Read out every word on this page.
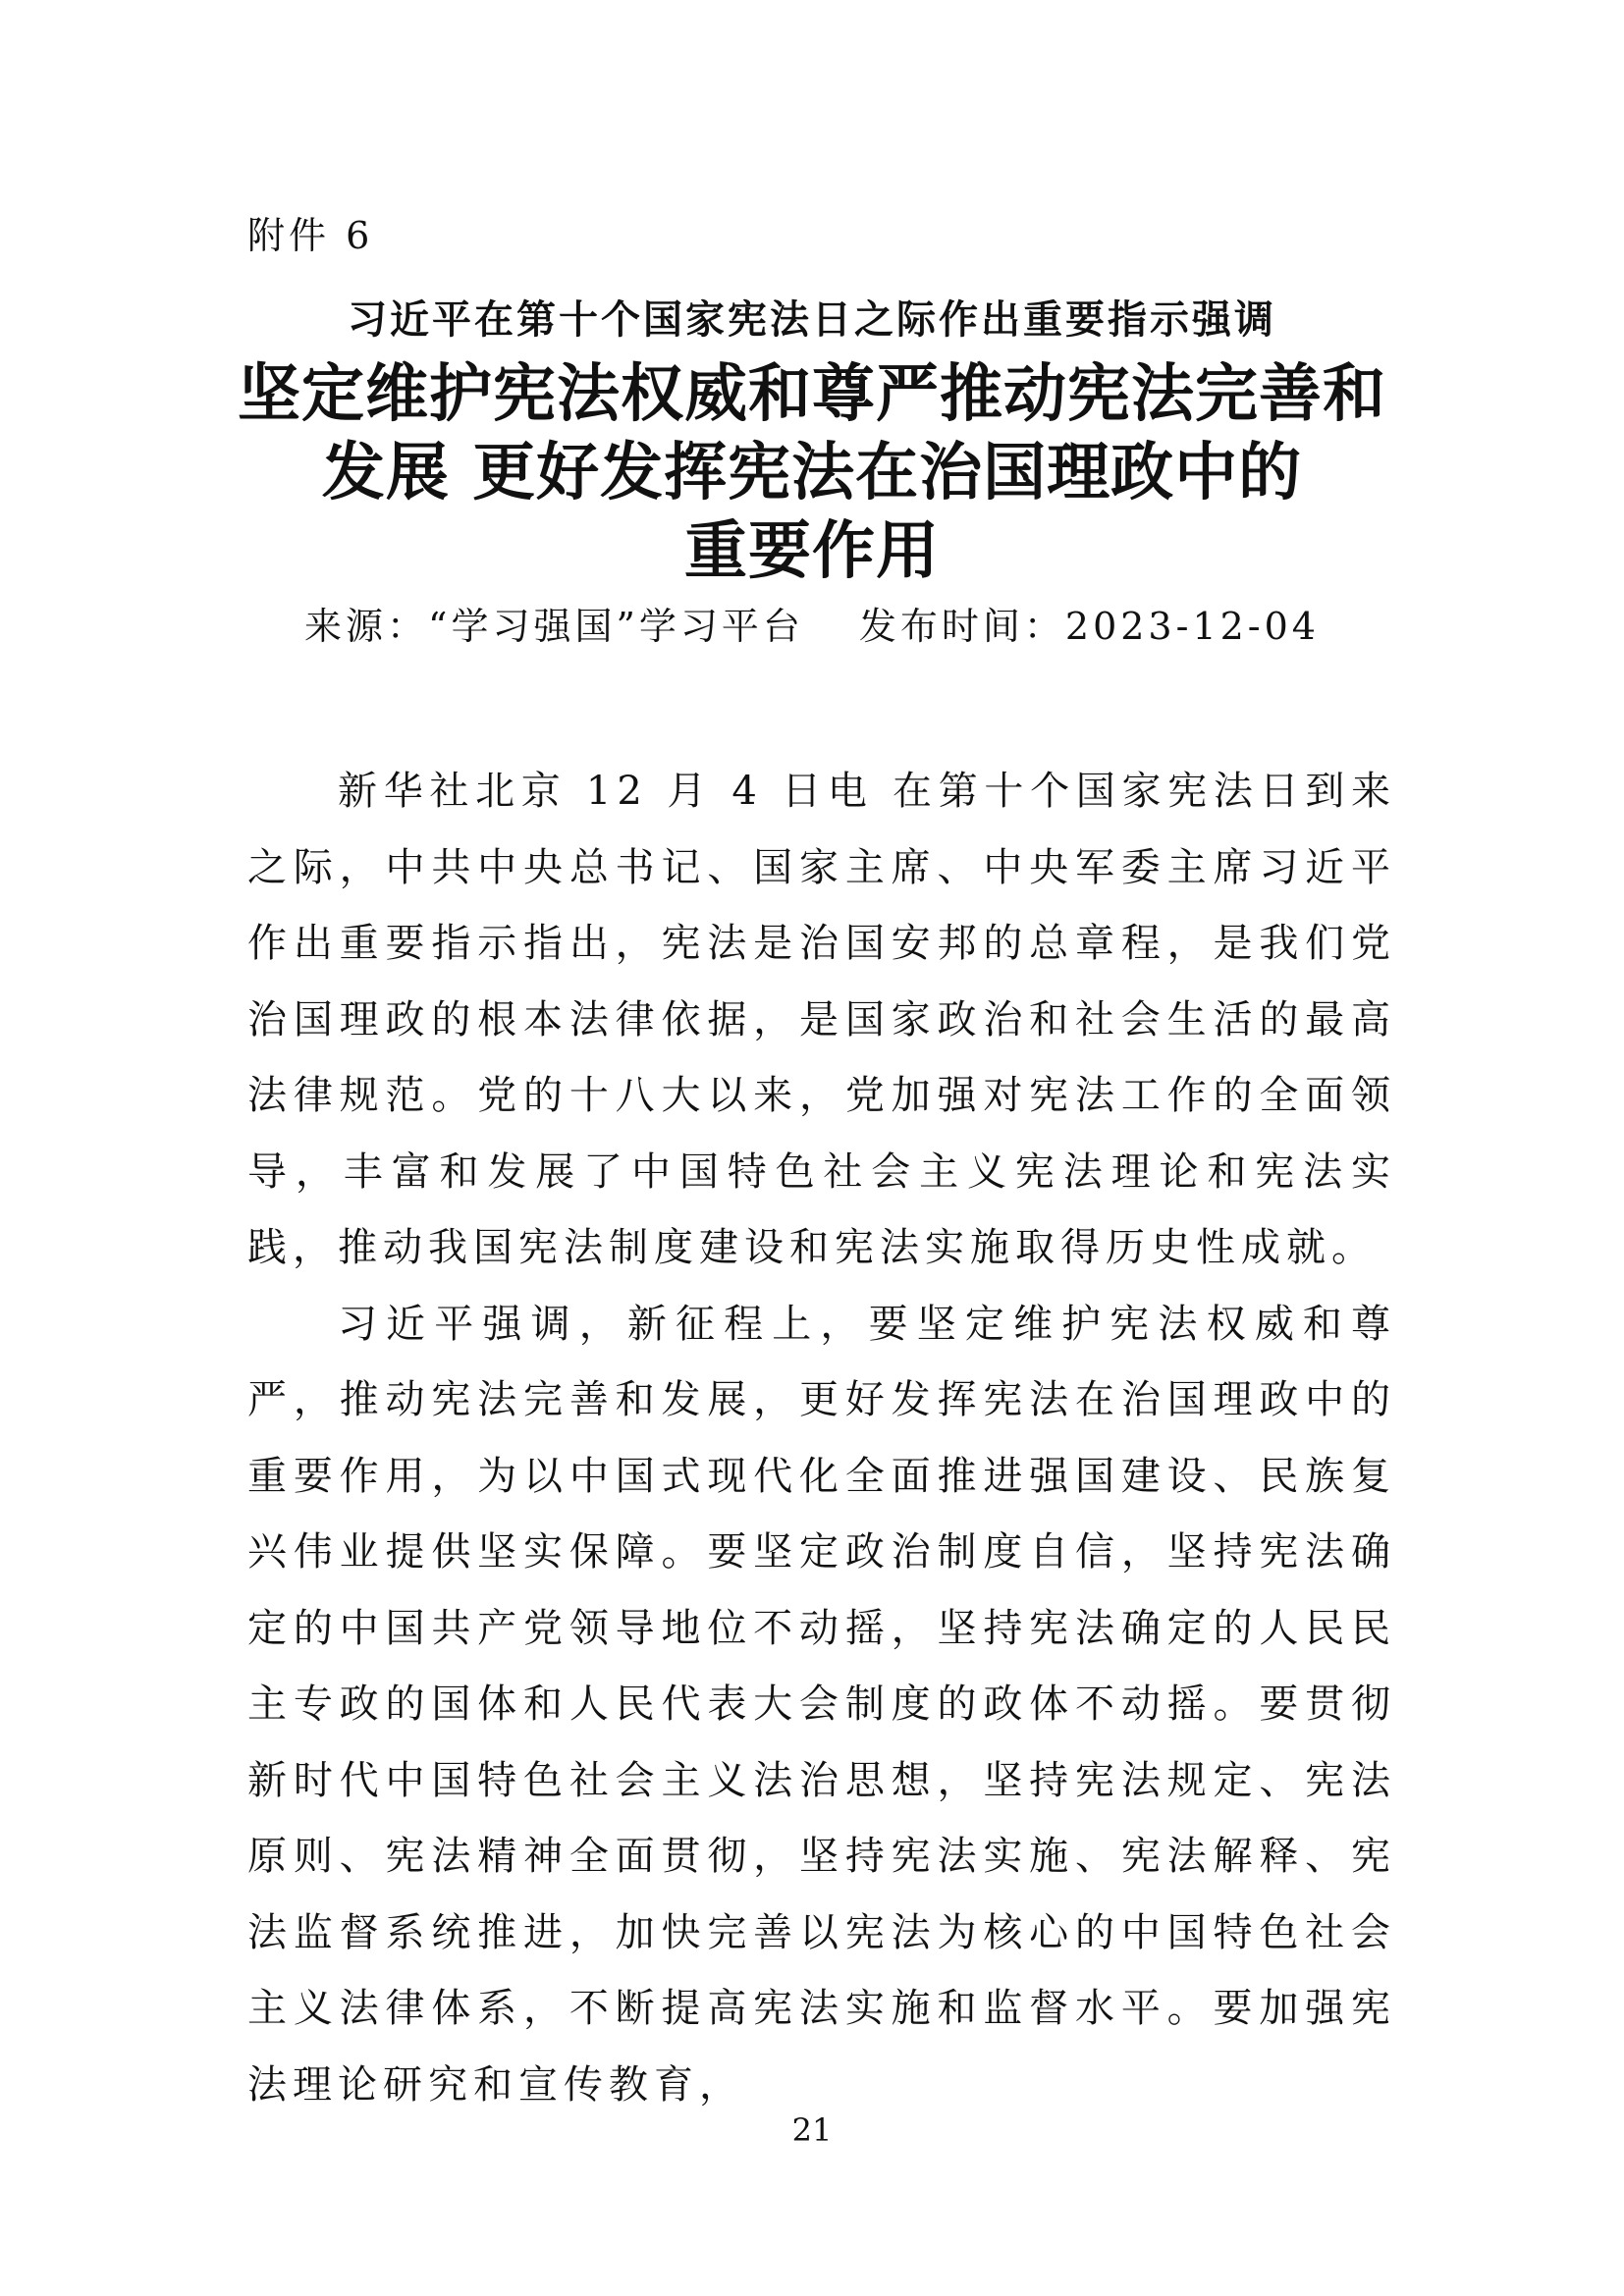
附件 6
习近平在第十个国家宪法日之际作出重要指示强调
坚定维护宪法权威和尊严推动宪法完善和
发展 更好发挥宪法在治国理政中的
重要作用
来源：“学习强国”学习平台 发布时间：2023-12-04

新华社北京 12 月 4 日电 在第十个国家宪法日到来之际，中共中央总书记、国家主席、中央军委主席习近平作出重要指示指出，宪法是治国安邦的总章程，是我们党治国理政的根本法律依据，是国家政治和社会生活的最高法律规范。党的十八大以来，党加强对宪法工作的全面领导，丰富和发展了中国特色社会主义宪法理论和宪法实践，推动我国宪法制度建设和宪法实施取得历史性成就。

习近平强调，新征程上，要坚定维护宪法权威和尊严，推动宪法完善和发展，更好发挥宪法在治国理政中的重要作用，为以中国式现代化全面推进强国建设、民族复兴伟业提供坚实保障。要坚定政治制度自信，坚持宪法确定的中国共产党领导地位不动摇，坚持宪法确定的人民民主专政的国体和人民代表大会制度的政体不动摇。要贯彻新时代中国特色社会主义法治思想，坚持宪法规定、宪法原则、宪法精神全面贯彻，坚持宪法实施、宪法解释、宪法监督系统推进，加快完善以宪法为核心的中国特色社会主义法律体系，不断提高宪法实施和监督水平。要加强宪法理论研究和宣传教育，

21
